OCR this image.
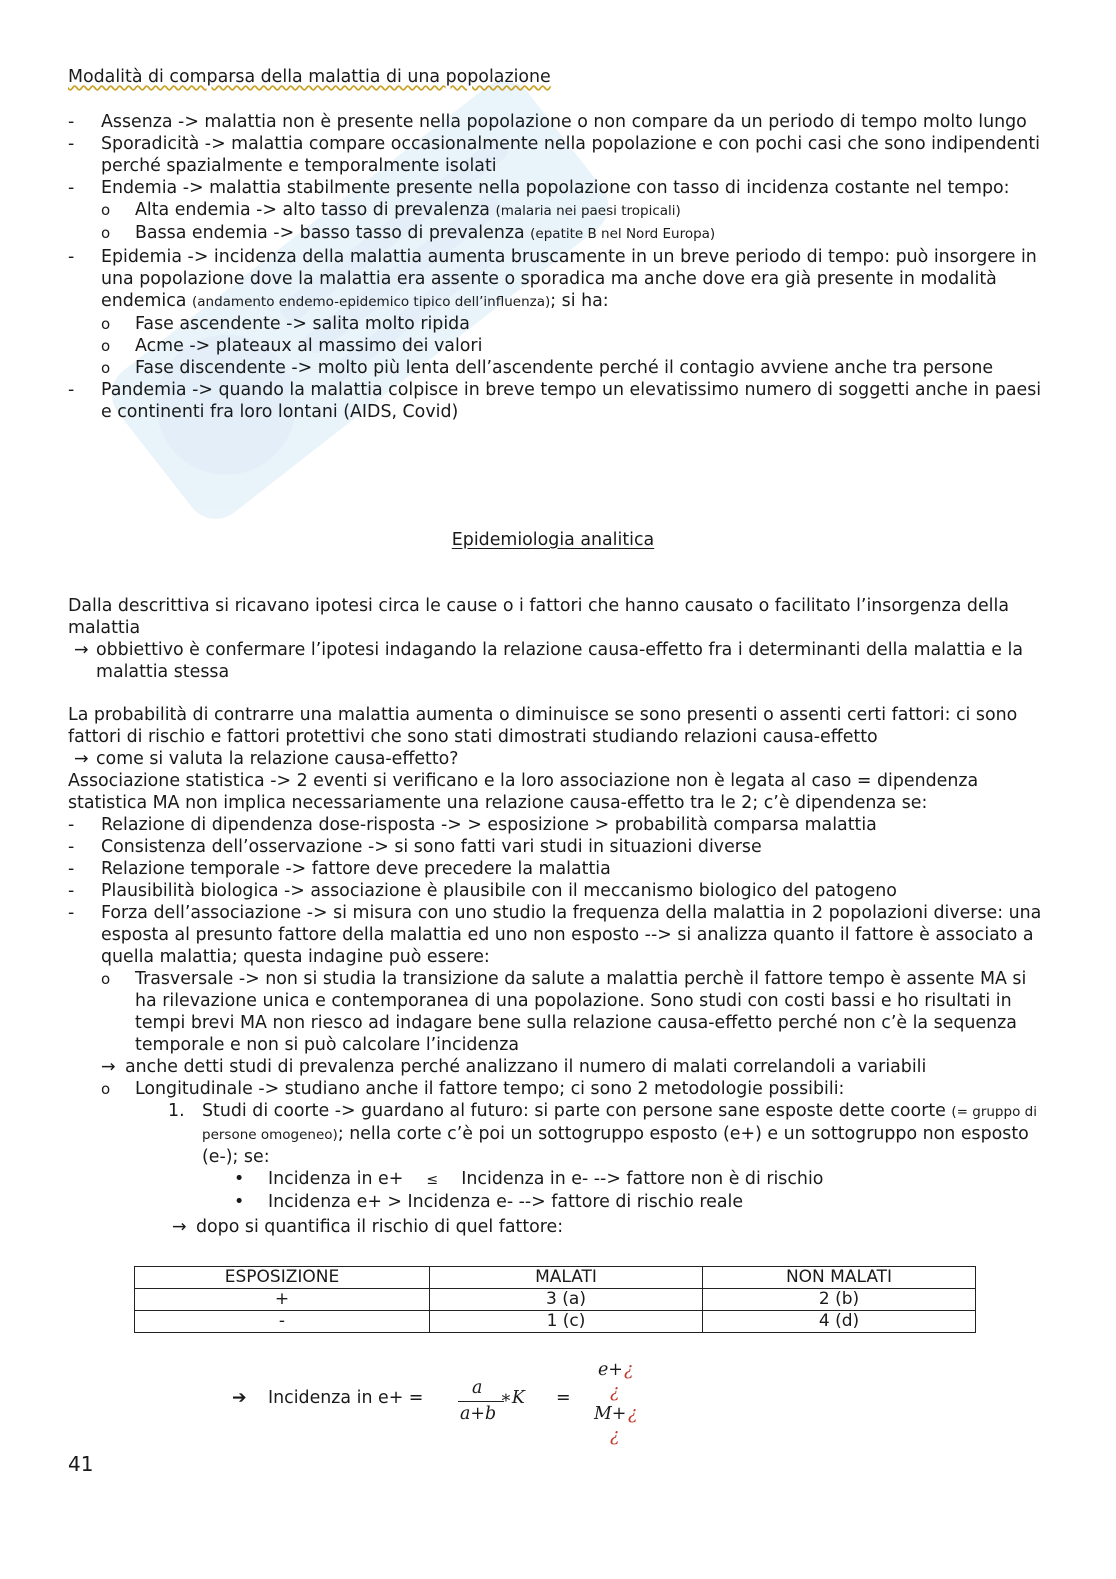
Modalità di comparsa della malattia di una popolazione
- Assenza -> malattia non è presente nella popolazione o non compare da un periodo di tempo molto lungo
- Sporadicità -> malattia compare occasionalmente nella popolazione e con pochi casi che sono indipendenti perché spazialmente e temporalmente isolati
- Endemia -> malattia stabilmente presente nella popolazione con tasso di incidenza costante nel tempo:
o Alta endemia -> alto tasso di prevalenza (malaria nei paesi tropicali)
o Bassa endemia -> basso tasso di prevalenza (epatite B nel Nord Europa)
- Epidemia -> incidenza della malattia aumenta bruscamente in un breve periodo di tempo: può insorgere in una popolazione dove la malattia era assente o sporadica ma anche dove era già presente in modalità endemica (andamento endemo-epidemico tipico dell’influenza); si ha:
o Fase ascendente -> salita molto ripida
o Acme -> plateaux al massimo dei valori
o Fase discendente -> molto più lenta dell’ascendente perché il contagio avviene anche tra persone
- Pandemia -> quando la malattia colpisce in breve tempo un elevatissimo numero di soggetti anche in paesi e continenti fra loro lontani (AIDS, Covid)
Epidemiologia analitica
Dalla descrittiva si ricavano ipotesi circa le cause o i fattori che hanno causato o facilitato l’insorgenza della malattia
→ obbiettivo è confermare l’ipotesi indagando la relazione causa-effetto fra i determinanti della malattia e la malattia stessa
La probabilità di contrarre una malattia aumenta o diminuisce se sono presenti o assenti certi fattori: ci sono fattori di rischio e fattori protettivi che sono stati dimostrati studiando relazioni causa-effetto
→ come si valuta la relazione causa-effetto?
Associazione statistica -> 2 eventi si verificano e la loro associazione non è legata al caso = dipendenza statistica MA non implica necessariamente una relazione causa-effetto tra le 2; c’è dipendenza se:
- Relazione di dipendenza dose-risposta -> > esposizione > probabilità comparsa malattia
- Consistenza dell’osservazione -> si sono fatti vari studi in situazioni diverse
- Relazione temporale -> fattore deve precedere la malattia
- Plausibilità biologica -> associazione è plausibile con il meccanismo biologico del patogeno
- Forza dell’associazione -> si misura con uno studio la frequenza della malattia in 2 popolazioni diverse: una esposta al presunto fattore della malattia ed uno non esposto --> si analizza quanto il fattore è associato a quella malattia; questa indagine può essere:
o Trasversale -> non si studia la transizione da salute a malattia perchè il fattore tempo è assente MA si ha rilevazione unica e contemporanea di una popolazione. Sono studi con costi bassi e ho risultati in tempi brevi MA non riesco ad indagare bene sulla relazione causa-effetto perché non c’è la sequenza temporale e non si può calcolare l’incidenza
→ anche detti studi di prevalenza perché analizzano il numero di malati correlandoli a variabili
o Longitudinale -> studiano anche il fattore tempo; ci sono 2 metodologie possibili:
1. Studi di coorte -> guardano al futuro: si parte con persone sane esposte dette coorte (= gruppo di persone omogeneo); nella corte c’è poi un sottogruppo esposto (e+) e un sottogruppo non esposto (e-); se:
• Incidenza in e+ ≤ Incidenza in e- --> fattore non è di rischio
• Incidenza e+ > Incidenza e- --> fattore di rischio reale
→ dopo si quantifica il rischio di quel fattore:
ESPOSIZIONE	MALATI	NON MALATI
+	3 (a)	2 (b)
-	1 (c)	4 (d)
➔ Incidenza in e+ =	a
a+b
∗K =
e+ ¿
¿
M+ ¿
¿
41
